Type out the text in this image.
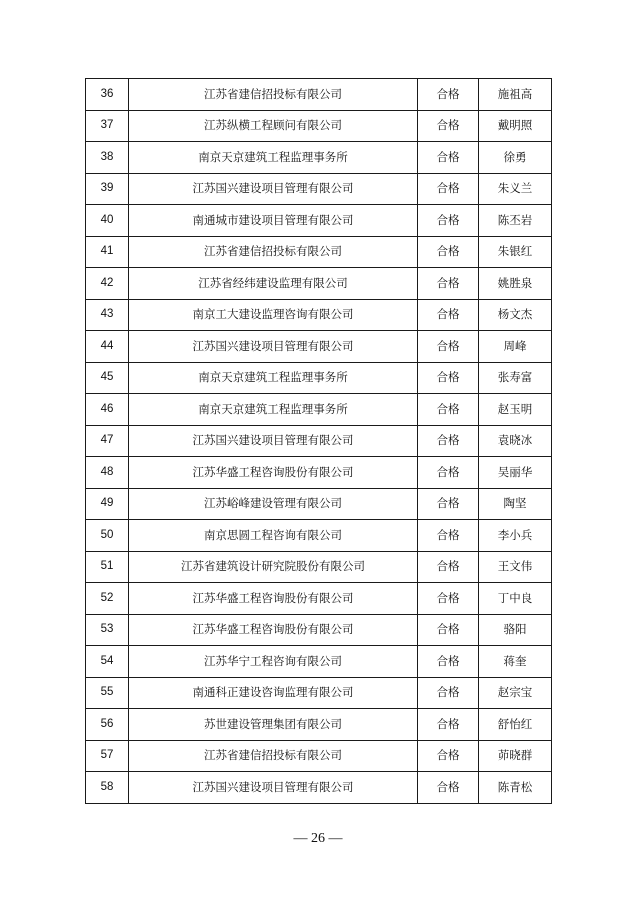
36	江苏省建信招投标有限公司	合格	施祖高
37	江苏纵横工程顾问有限公司	合格	戴明照
38	南京天京建筑工程监理事务所	合格	徐勇
39	江苏国兴建设项目管理有限公司	合格	朱义兰
40	南通城市建设项目管理有限公司	合格	陈丕岩
41	江苏省建信招投标有限公司	合格	朱银红
42	江苏省经纬建设监理有限公司	合格	姚胜泉
43	南京工大建设监理咨询有限公司	合格	杨文杰
44	江苏国兴建设项目管理有限公司	合格	周峰
45	南京天京建筑工程监理事务所	合格	张寿富
46	南京天京建筑工程监理事务所	合格	赵玉明
47	江苏国兴建设项目管理有限公司	合格	袁晓冰
48	江苏华盛工程咨询股份有限公司	合格	吴丽华
49	江苏峪峰建设管理有限公司	合格	陶坚
50	南京思圆工程咨询有限公司	合格	李小兵
51	江苏省建筑设计研究院股份有限公司	合格	王文伟
52	江苏华盛工程咨询股份有限公司	合格	丁中良
53	江苏华盛工程咨询股份有限公司	合格	骆阳
54	江苏华宁工程咨询有限公司	合格	蒋奎
55	南通科正建设咨询监理有限公司	合格	赵宗宝
56	苏世建设管理集团有限公司	合格	舒怡红
57	江苏省建信招投标有限公司	合格	茆晓群
58	江苏国兴建设项目管理有限公司	合格	陈青松
— 26 —
